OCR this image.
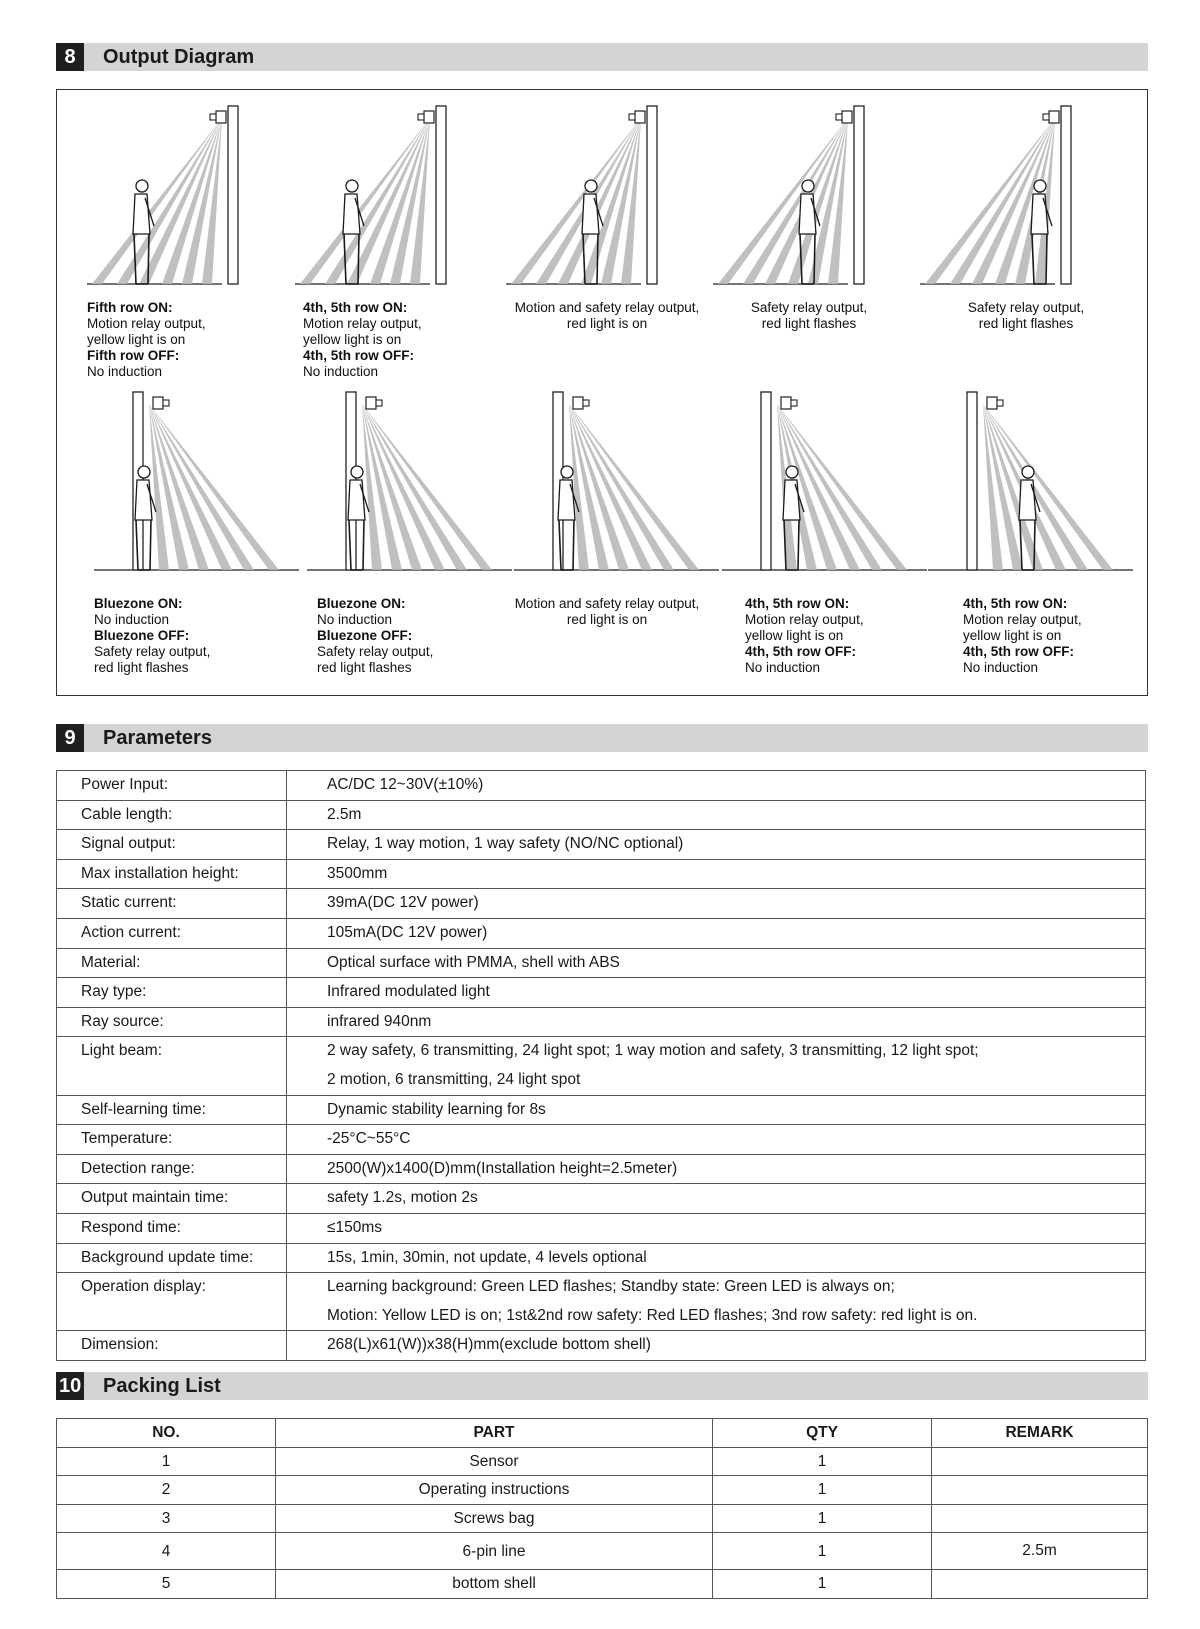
8	Output Diagram
Fifth row ON:
Motion relay output,
yellow light is on
Fifth row OFF:
No induction
4th, 5th row ON:
Motion relay output,
yellow light is on
4th, 5th row OFF:
No induction
Motion and safety relay output,
red light is on
Safety relay output,
red light flashes
Safety relay output,
red light flashes
Bluezone ON:
No induction
Bluezone OFF:
Safety relay output,
red light flashes
Bluezone ON:
No induction
Bluezone OFF:
Safety relay output,
red light flashes
Motion and safety relay output,
red light is on
4th, 5th row ON:
Motion relay output,
yellow light is on
4th, 5th row OFF:
No induction
4th, 5th row ON:
Motion relay output,
yellow light is on
4th, 5th row OFF:
No induction
9	Parameters
Power Input:	AC/DC 12~30V(±10%)

Cable length:	2.5m

Signal output:	Relay, 1 way motion, 1 way safety (NO/NC optional)

Max installation height:	3500mm

Static current:	39mA(DC 12V power)

Action current:	105mA(DC 12V power)

Material:	Optical surface with PMMA, shell with ABS

Ray type:	Infrared modulated light

Ray source:	infrared 940nm

Light beam:	2 way safety, 6 transmitting, 24 light spot; 1 way motion and safety, 3 transmitting, 12 light spot;
2 motion, 6 transmitting, 24 light spot

Self-learning time:	Dynamic stability learning for 8s

Temperature:	-25°C~55°C

Detection range:	2500(W)x1400(D)mm(Installation height=2.5meter)

Output maintain time:	safety 1.2s, motion 2s

Respond time:	≤150ms

Background update time:	15s, 1min, 30min, not update, 4 levels optional

Operation display:	Learning background: Green LED flashes; Standby state: Green LED is always on;
Motion: Yellow LED is on; 1st&2nd row safety: Red LED flashes; 3nd row safety: red light is on.

Dimension:	268(L)x61(W))x38(H)mm(exclude bottom shell)
10 Packing List
NO.	PART	QTY	REMARK
1	Sensor	1	
2	Operating instructions	1	
3	Screws bag	1	
4	6-pin line	1	2.5m
5	bottom shell	1	
